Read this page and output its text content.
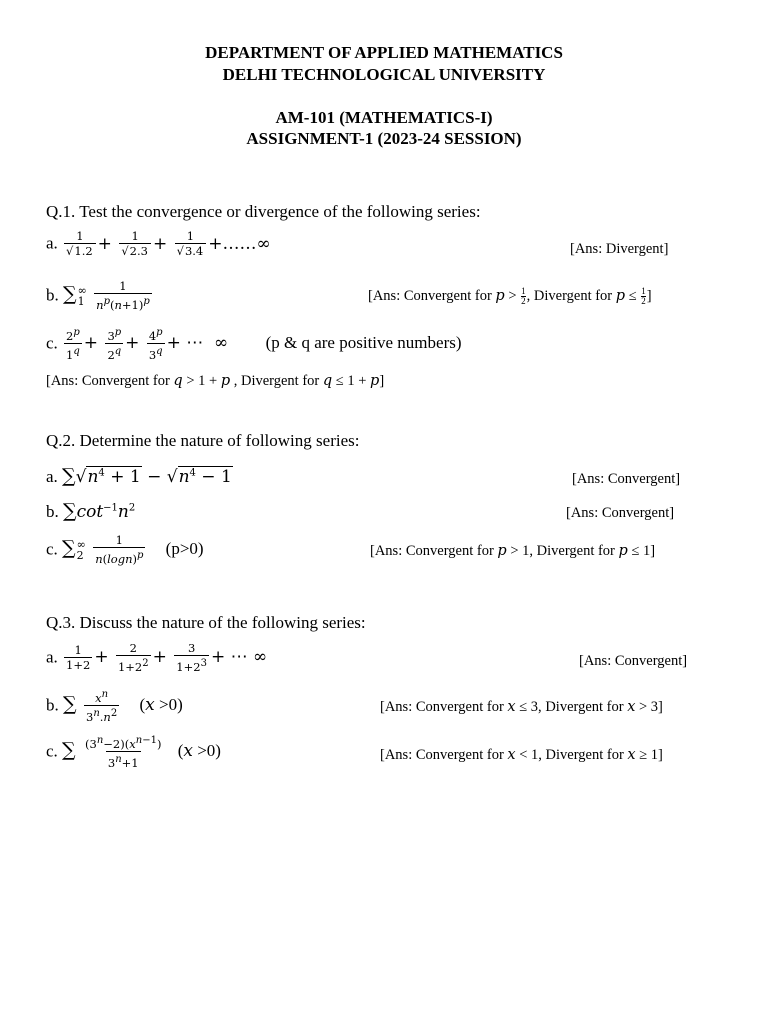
DEPARTMENT OF APPLIED MATHEMATICS
DELHI TECHNOLOGICAL UNIVERSITY
AM-101 (MATHEMATICS-I)
ASSIGNMENT-1 (2023-24 SESSION)
Q.1. Test the convergence or divergence of the following series:
a. $\frac{1}{√1.2} + \frac{1}{√2.3} + \frac{1}{√3.4}$ +……∞	[Ans: Divergent]
b. ∑ ∞
1
$\frac{1}{n^p(n+1)^p}$	[Ans: Convergent for $p > \frac{1}{2}$ , Divergent for $p \le \frac{1}{2}$ ]
c. $\frac{2^p}{1^q} + \frac{3^p}{2^q} + \frac{4^p}{3^q}$ + ⋯  ∞ (p & q are positive numbers)
[Ans: Convergent for q > 1 + p , Divergent for q ≤ 1 + p]
Q.2. Determine the nature of following series:
a. $\sum√n^4 + 1 - √n^4 - 1$	[Ans: Convergent]
b. $\sum\cot^{-1}n^2$	[Ans: Convergent]
c. ∑ ∞
2
$\frac{1}{n(\log n)^p} (p>0)$	[Ans: Convergent for p > 1, Divergent for p ≤ 1]
Q.3. Discuss the nature of the following series:
a. $\frac{1}{1+2} + \frac{2}{1+2^2} + \frac{3}{1+2^3}$ + ⋯ ∞	[Ans: Convergent]
b. ∑ $\frac{x^n}{3^n.n^2} (x >0)$	[Ans: Convergent for x ≤ 3, Divergent for x > 3]
c. ∑ $\frac{(3^n-2)(x^{n-1})}{3^n+1} (x >0)$	[Ans: Convergent for x < 1, Divergent for x ≥ 1]
